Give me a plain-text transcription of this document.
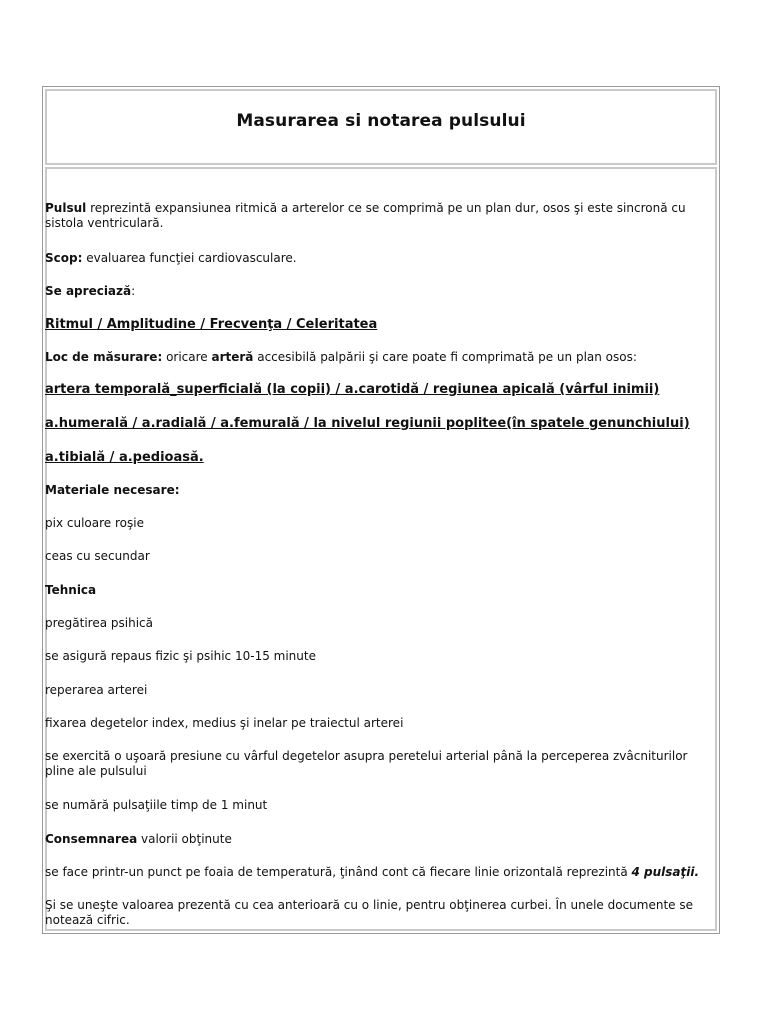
Masurarea si notarea pulsului
Pulsul reprezintă expansiunea ritmică a arterelor ce se comprimă pe un plan dur, osos şi este sincronă cu sistola ventriculară.
Scop: evaluarea funcţiei cardiovasculare.
Se apreciază:
Ritmul / Amplitudine / Frecvenţa / Celeritatea
Loc de măsurare: oricare arteră accesibilă palpării şi care poate fi comprimată pe un plan osos:
artera temporală_superficială (la copii) / a.carotidă / regiunea apicală (vârful inimii)
a.humerală / a.radială / a.femurală / la nivelul regiunii poplitee(în spatele genunchiului)
a.tibială / a.pedioasă.
Materiale necesare:
pix culoare roşie
ceas cu secundar
Tehnica
pregătirea psihică
se asigură repaus fizic şi psihic 10-15 minute
reperarea arterei
fixarea degetelor index, medius şi inelar pe traiectul arterei
se exercită o uşoară presiune cu vârful degetelor asupra peretelui arterial până la perceperea zvâcniturilor pline ale pulsului
se numără pulsaţiile timp de 1 minut
Consemnarea valorii obţinute
se face printr-un punct pe foaia de temperatură, ţinând cont că fiecare linie orizontală reprezintă 4 pulsaţii.
Şi se uneşte valoarea prezentă cu cea anterioară cu o linie, pentru obţinerea curbei. În unele documente se notează cifric.
